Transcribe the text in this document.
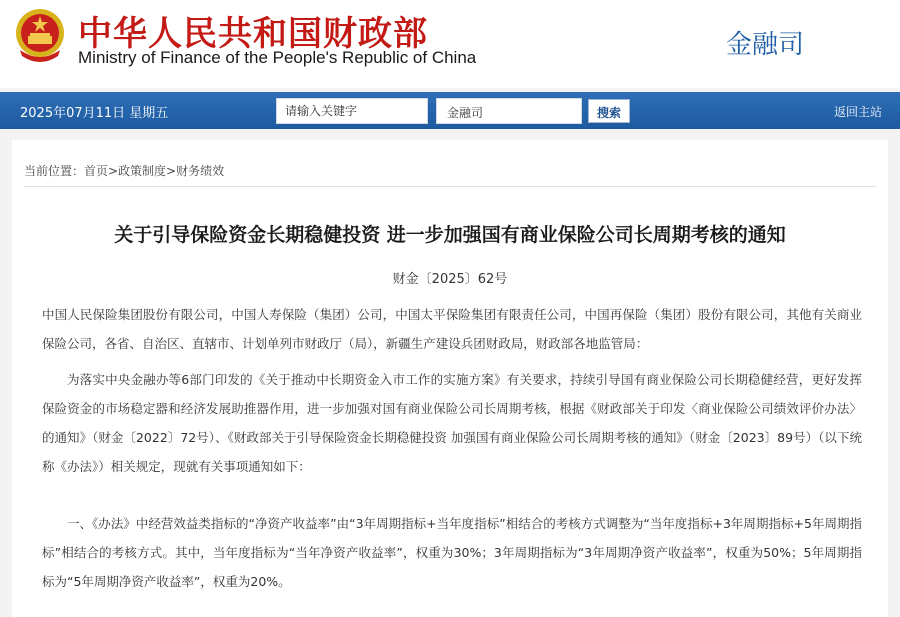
中华人民共和国财政部
Ministry of Finance of the People's Republic of China	金融司
2025年07月11日 星期五
请输入关键字	金融司	搜索	返回主站
当前位置：首页>政策制度>财务绩效
关于引导保险资金长期稳健投资 进一步加强国有商业保险公司长周期考核的通知
财金〔2025〕62号
中国人民保险集团股份有限公司，中国人寿保险（集团）公司，中国太平保险集团有限责任公司，中国再保险（集团）股份有限公司，其他有关商业保险公司，各省、自治区、直辖市、计划单列市财政厅（局），新疆生产建设兵团财政局，财政部各地监管局：
为落实中央金融办等6部门印发的《关于推动中长期资金入市工作的实施方案》有关要求，持续引导国有商业保险公司长期稳健经营，更好发挥保险资金的市场稳定器和经济发展助推器作用，进一步加强对国有商业保险公司长周期考核，根据《财政部关于印发〈商业保险公司绩效评价办法〉的通知》（财金〔2022〕72号）、《财政部关于引导保险资金长期稳健投资 加强国有商业保险公司长周期考核的通知》（财金〔2023〕89号）（以下统称《办法》）相关规定，现就有关事项通知如下：
一、《办法》中经营效益类指标的“净资产收益率”由“3年周期指标+当年度指标”相结合的考核方式调整为“当年度指标+3年周期指标+5年周期指标”相结合的考核方式。其中，当年度指标为“当年净资产收益率”，权重为30%；3年周期指标为“3年周期净资产收益率”，权重为50%；5年周期指标为“5年周期净资产收益率”，权重为20%。
